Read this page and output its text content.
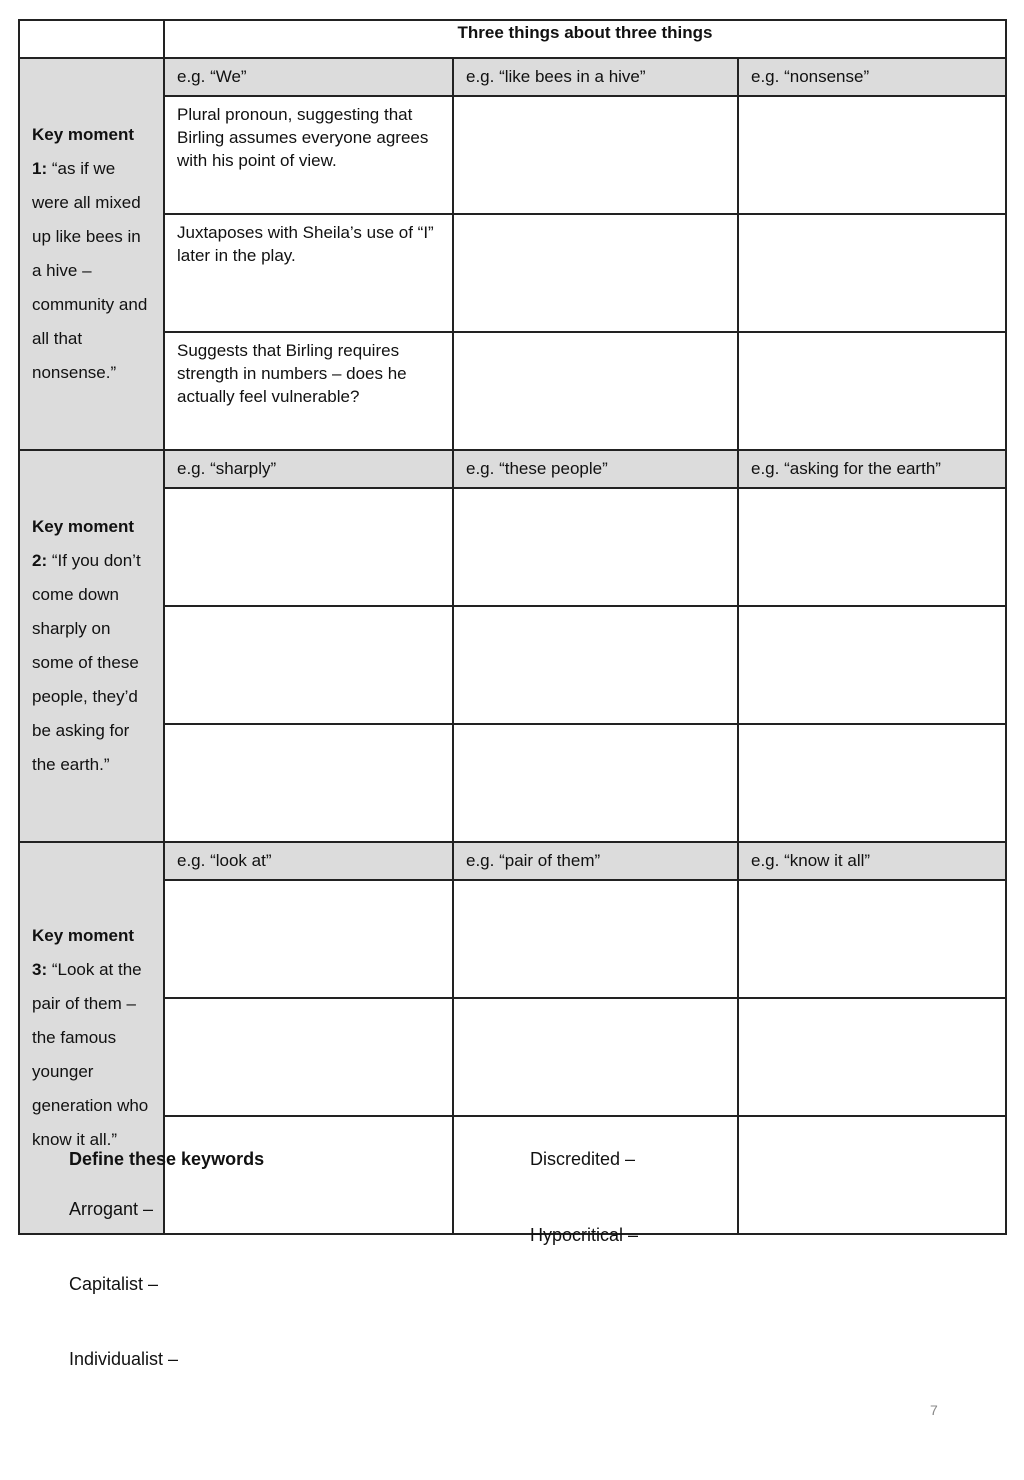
	Three things about three things		
Key moment 1: “as if we were all mixed up like bees in a hive – community and all that nonsense.”	e.g. “We”	e.g. “like bees in a hive”	e.g. “nonsense”
	Plural pronoun, suggesting that Birling assumes everyone agrees with his point of view.		
	Juxtaposes with Sheila’s use of “I” later in the play.		
	Suggests that Birling requires strength in numbers – does he actually feel vulnerable?		
Key moment 2: “If you don’t come down sharply on some of these people, they’d be asking for the earth.”	e.g. “sharply”	e.g. “these people”	e.g. “asking for the earth”

Key moment 3: “Look at the pair of them – the famous younger generation who know it all.”	e.g. “look at”	e.g. “pair of them”	e.g. “know it all”

Define these keywords
Arrogant –
Capitalist –
Individualist –
Discredited –
Hypocritical –
7
